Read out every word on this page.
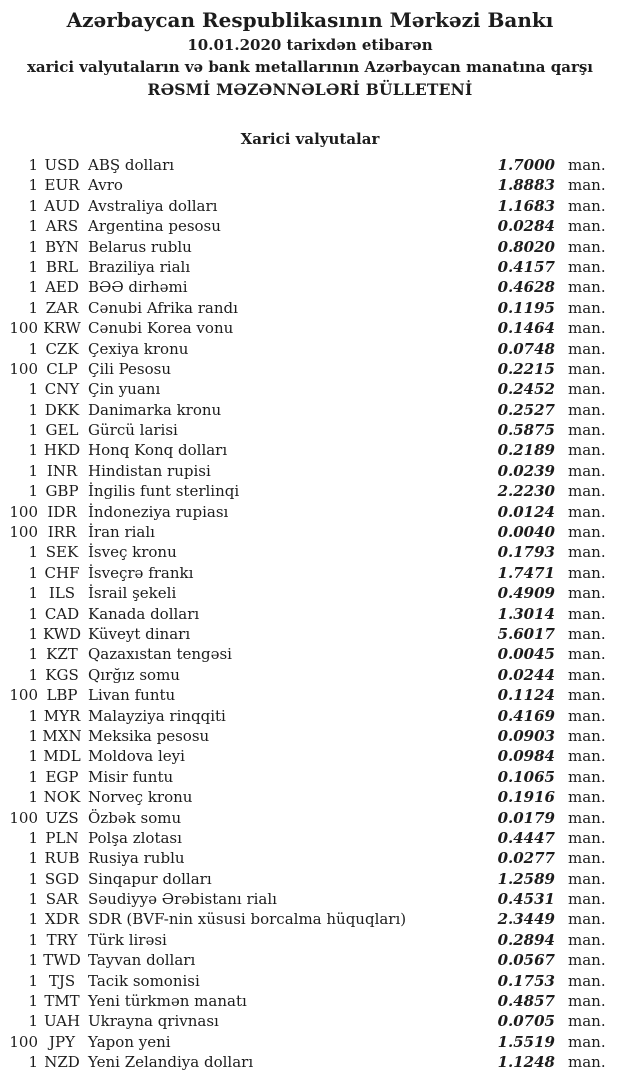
Azərbaycan Respublikasının Mərkəzi Bankı
10.01.2020 tarixdən etibarən
xarici valyutaların və bank metallarının Azərbaycan manatına qarşı
RƏSMİ MƏZƏNNƏLƏRİ BÜLLETENİ
Xarici valyutalar
1 USD ABŞ dolları	1.7000 man.
1 EUR Avro	1.8883 man.
1 AUD Avstraliya dolları	1.1683 man.
1 ARS Argentina pesosu	0.0284 man.
1 BYN Belarus rublu	0.8020 man.
1 BRL Braziliya rialı	0.4157 man.
1 AED BƏƏ dirhəmi	0.4628 man.
1 ZAR Cənubi Afrika randı	0.1195 man.
100 KRW Cənubi Korea vonu	0.1464 man.
1 CZK Çexiya kronu	0.0748 man.
100 CLP Çili Pesosu	0.2215 man.
1 CNY Çin yuanı	0.2452 man.
1 DKK Danimarka kronu	0.2527 man.
1 GEL Gürcü larisi	0.5875 man.
1 HKD Honq Konq dolları	0.2189 man.
1 INR Hindistan rupisi	0.0239 man.
1 GBP İngilis funt sterlinqi	2.2230 man.
100 IDR İndoneziya rupiası	0.0124 man.
100 IRR İran rialı	0.0040 man.
1 SEK İsveç kronu	0.1793 man.
1 CHF İsveçrə frankı	1.7471 man.
1 ILS İsrail şekeli	0.4909 man.
1 CAD Kanada dolları	1.3014 man.
1 KWD Küveyt dinarı	5.6017 man.
1 KZT Qazaxıstan tengəsi	0.0045 man.
1 KGS Qırğız somu	0.0244 man.
100 LBP Livan funtu	0.1124 man.
1 MYR Malayziya rinqqiti	0.4169 man.
1 MXN Meksika pesosu	0.0903 man.
1 MDL Moldova leyi	0.0984 man.
1 EGP Misir funtu	0.1065 man.
1 NOK Norveç kronu	0.1916 man.
100 UZS Özbək somu	0.0179 man.
1 PLN Polşa zlotası	0.4447 man.
1 RUB Rusiya rublu	0.0277 man.
1 SGD Sinqapur dolları	1.2589 man.
1 SAR Səudiyyə Ərəbistanı rialı	0.4531 man.
1 XDR SDR (BVF-nin xüsusi borcalma hüquqları)	2.3449 man.
1 TRY Türk lirəsi	0.2894 man.
1 TWD Tayvan dolları	0.0567 man.
1 TJS Tacik somonisi	0.1753 man.
1 TMT Yeni türkmən manatı	0.4857 man.
1 UAH Ukrayna qrivnası	0.0705 man.
100 JPY Yapon yeni	1.5519 man.
1 NZD Yeni Zelandiya dolları	1.1248 man.
